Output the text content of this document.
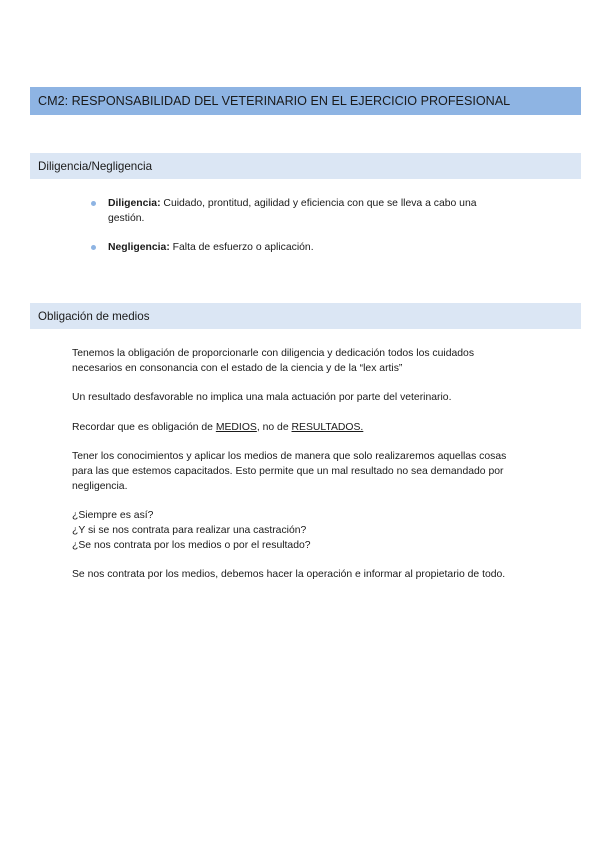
CM2: RESPONSABILIDAD DEL VETERINARIO EN EL EJERCICIO PROFESIONAL
Diligencia/Negligencia
Diligencia: Cuidado, prontitud, agilidad y eficiencia con que se lleva a cabo una gestión.
Negligencia: Falta de esfuerzo o aplicación.
Obligación de medios

Tenemos la obligación de proporcionarle con diligencia y dedicación todos los cuidados necesarios en consonancia con el estado de la ciencia y de la “lex artis”

Un resultado desfavorable no implica una mala actuación por parte del veterinario.

Recordar que es obligación de MEDIOS, no de RESULTADOS.

Tener los conocimientos y aplicar los medios de manera que solo realizaremos aquellas cosas para las que estemos capacitados. Esto permite que un mal resultado no sea demandado por negligencia.

¿Siempre es así?
¿Y si se nos contrata para realizar una castración?
¿Se nos contrata por los medios o por el resultado?

Se nos contrata por los medios, debemos hacer la operación e informar al propietario de todo.
